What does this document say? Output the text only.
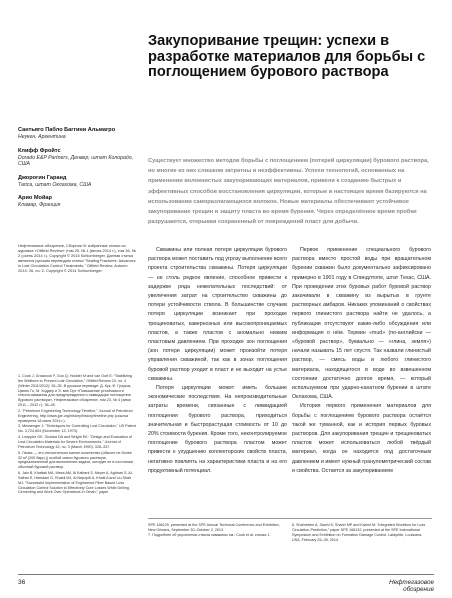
Закупоривание трещин: успехи в разработке материалов для борьбы с поглощением бурового раствора
Сантьяго Пабло Баггини Альмагро
Неукен, Аргентина
Клифф Фройтс
Dorado E&P Partners, Денвер, штат Колорадо, США
Джорогин Гаранд
Тапса, штат Оклахома, США
Арио Мойар
Кламар, Франция
Нефтегазовое обозрение, Сборник III: избранные статьи из журнала «Oilfield Review» (том 25, № 1 (весна 2014 г.), том 26, № 2 (осень 2014 г.). Copyright © 2015 Schlumberger. Данная статья является русским переводом статьи "Sealing Fractures: Advances in Lost Circulation Control Treatments," Oilfield Review, Autumn 2014: 26, no. 2. Copyright © 2014 Schlumberger.
1. Cook J, Growcock F, Guo Q, Hodder M and van Oort E: "Stabilizing the Wellbore to Prevent Lost Circulation," Oilfield Review 23, no. 4 (Winter 2011/2012): 26–35. В русском переводе: Д. Кук, Ф. Гроукок, Цзюнь Го, М. Ходдер и Э. ван Орт «Повышение устойчивости ствола скважины для предупреждения и ликвидации поглощения бурового раствора», Нефтегазовое обозрение, том 23, № 4 (зима 2011 – 2012 г.): 36–45.
2. "Petroleum Engineering Technology Timeline," Journal of Petroleum Engineering, http://www.jpe.org/history/history/timeline.php (ссылка проверена 18 июня 2014 г.).
3. Messenger J: "Techniques for Controlling Lost Circulation," US Patent No. 3,724,604 (November 13, 1973).
4. Loeppke GE, Glowka DA and Wright EK: "Design and Evaluation of Lost-Circulation Materials for Severe Environments," Journal of Petroleum Technology 42, no. 3 (March 1990): 328–337.
5. Пачка — это относительно малое количество (обычно не более 32 м³ (200 барр.)) особой смеси бурового раствора, предназначенной для выполнения задачи, которую не в состоянии обычный буровой раствор.
6. Jain B, Khattak MA, Mesa AM, Al Kalbani S, Meyer A, Aghbari S, Al-Safran E, Hamdani G, Khaldi MJ, Al Nepupiti A, Khalil A and Liu Shah MJ: "Successful Implementation of Engineered Fiber Based Loss Circulation Control Solution to Effectively Cure Losses While Drilling, Cementing and Work Over Operations in Oman," paper
Существует множество методов борьбы с поглощением (потерей циркуляции) бурового раствора, но многие из них слишком затратны и неэффективны. Успехи технологий, основанных на применении волокнистых закупоривающих материалов, привели к созданию быстрых и эффективных способов восстановления циркуляции, которые в настоящее время базируются на использовании саморазлагающихся волокон. Новые материалы обеспечивают устойчивое закупоривание трещин и защиту пласта во время бурения. Через определённое время пробки разрушаются, открывая сохраненный от повреждений пласт для добычи.

Скважины или полная потеря циркуляции бурового раствора может поставить под угрозу выполнение всего проекта строительства скважины. Потеря циркуляции — не столь редкое явление, способное привести к задержке ряда нежелательных последствий: от увеличения затрат на строительство скважины до потери устойчивости ствола. В большинстве случаев потеря циркуляции возникает при проходке трещиноватых, кавернозных или высокопроницаемых пластов, а также пластов с аномально низким пластовым давлением. При проходке зон поглощения (зон потери циркуляции) может произойти потеря управления скважиной, так как в зонах поглощения буровой раствор уходит в пласт и не выходит на устье скважины.

Потеря циркуляции может иметь большие экономические последствия. На непроизводительные затраты времени, связанные с ликвидацией поглощения бурового раствора, приходиться значительная и быстрорастущая стоимость от 10 до 20% стоимости бурения. Кроме того, неконтролируемое поглощение бурового раствора пластом может привести к ухудшению коллекторских свойств пласта, негативно повлиять на характеристики пласта и на его продуктивный потенциал.

Первое применение специального бурового раствора вместо простой воды при вращательном бурении скважин было документально зафиксировано примерно в 1901 году в Спиндлтопе, штат Техас, США. При проведении этих буровых работ буровой раствор закачивали в скважину из вырытых в грунте растворных амбаров. Никаких упоминаний о свойствах первого глинистого раствора найти не удалось, а публикации отсутствуют какие-либо обсуждения или информация о нём. Термин «mud» (по-английски — «буровой раствор», буквально — «глина, земля») начали называть 15 лет спустя. Так назвали глинистый раствор, — смесь воды и любого глинистого материала, находящегося в воде во взвешенном состоянии достаточно долгое время, — который используемом при ударно-канатном бурении в штате Оклахома, США.

История первого применения материалов для борьбы с поглощением бурового раствора остаётся такой же туманной, как и история первых буровых растворов. Для закупоривания трещин и трещиноватых пластов может использоваться любой твёрдый материал, когда он находится под достаточным давлением и имеет нужный гранулометрический состав и свойства. Остается за закупориванием

SPE 166129, presented at the SPE Annual Technical Conference and Exhibition, New Orleans, September 30–October 2, 2013.
7. Подробнее об упрочнении ствола скважины см.: Cook et al, сноска 1.
8. Shahrebbe A, Sawhi S, Shahri MP and Karimi M: "Integrated Workflow for Loss Circulation Prediction," paper SPE 168132, presented at the SPE International Symposium and Exhibition on Formation Damage Control, Lafayette, Louisiana, USA, February 26–28, 2014.
36	Нефтегазовое обозрение
